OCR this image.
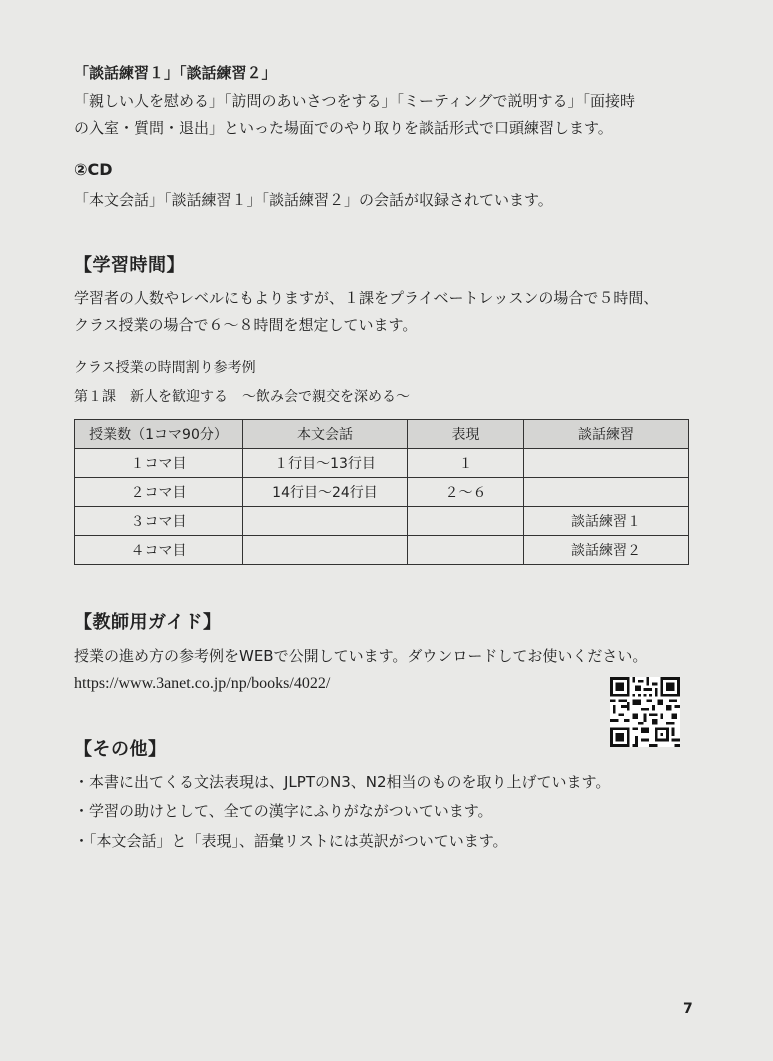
「談話練習１」「談話練習２」
「親しい人を慰める」「訪問のあいさつをする」「ミーティングで説明する」「面接時
の入室・質問・退出」といった場面でのやり取りを談話形式で口頭練習します。
②CD
「本文会話」「談話練習１」「談話練習２」の会話が収録されています。
【学習時間】
学習者の人数やレベルにもよりますが、１課をプライベートレッスンの場合で５時間、
クラス授業の場合で６〜８時間を想定しています。
クラス授業の時間割り参考例
第１課　新人を歓迎する　〜飲み会で親交を深める〜
授業数（1コマ90分）	本文会話	表現	談話練習
１コマ目	１行目〜13行目	１	
２コマ目	14行目〜24行目	２〜６	
３コマ目			談話練習１
４コマ目			談話練習２
【教師用ガイド】
授業の進め方の参考例をWEBで公開しています。ダウンロードしてお使いください。
https://www.3anet.co.jp/np/books/4022/
【その他】
・本書に出てくる文法表現は、JLPTのN3、N2相当のものを取り上げています。
・学習の助けとして、全ての漢字にふりがながついています。
・「本文会話」と「表現」、語彙リストには英訳がついています。
7
